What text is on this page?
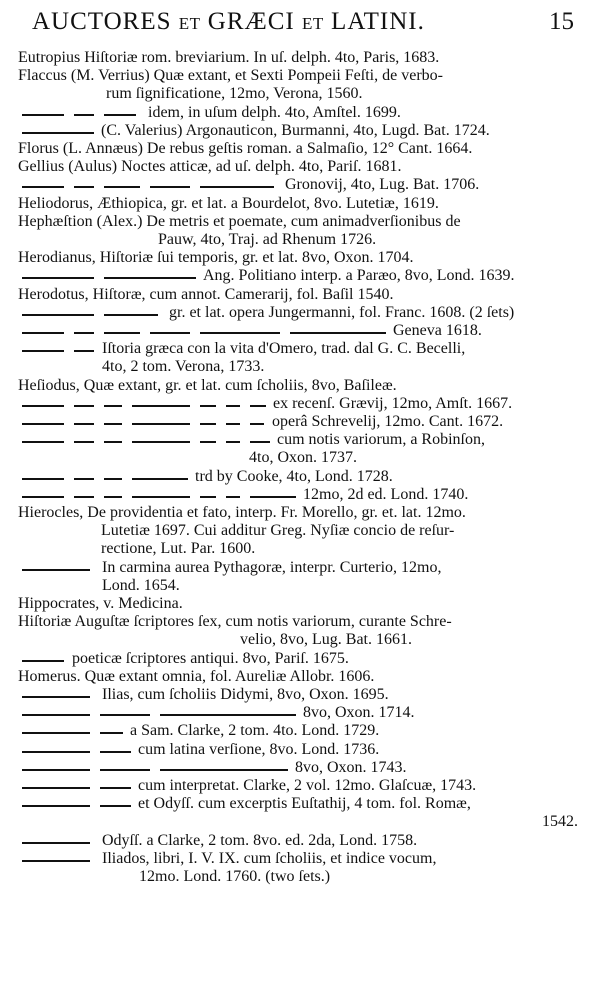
AUCTORES ET GRÆCI ET LATINI.	15
Eutropius Hiſtoriæ rom. breviarium. In uſ. delph. 4to, Paris, 1683.
Flaccus (M. Verrius) Quæ extant, et Sexti Pompeii Feſti, de verbo-
rum ſignificatione, 12mo, Verona, 1560.
idem, in uſum delph. 4to, Amſtel. 1699.
(C. Valerius) Argonauticon, Burmanni, 4to, Lugd. Bat. 1724.
Florus (L. Annæus) De rebus geſtis roman. a Salmaſio, 12° Cant. 1664.
Gellius (Aulus) Noctes atticæ, ad uſ. delph. 4to, Pariſ. 1681.
Gronovij, 4to, Lug. Bat. 1706.
Heliodorus, Æthiopica, gr. et lat. a Bourdelot, 8vo. Lutetiæ, 1619.
Hephæſtion (Alex.) De metris et poemate, cum animadverſionibus de
Pauw, 4to, Traj. ad Rhenum 1726.
Herodianus, Hiſtoriæ ſui temporis, gr. et lat. 8vo, Oxon. 1704.
Ang. Politiano interp. a Paræo, 8vo, Lond. 1639.
Herodotus, Hiſtoræ, cum annot. Camerarij, fol. Baſil 1540.
gr. et lat. opera Jungermanni, fol. Franc. 1608. (2 ſets)
Geneva 1618.
Iſtoria græca con la vita d'Omero, trad. dal G. C. Becelli,
4to, 2 tom. Verona, 1733.
Heſiodus, Quæ extant, gr. et lat. cum ſcholiis, 8vo, Baſileæ.
ex recenſ. Grævij, 12mo, Amſt. 1667.
operâ Schrevelij, 12mo. Cant. 1672.
cum notis variorum, a Robinſon,
4to, Oxon. 1737.
trd by Cooke, 4to, Lond. 1728.
12mo, 2d ed. Lond. 1740.
Hierocles, De providentia et fato, interp. Fr. Morello, gr. et. lat. 12mo.
Lutetiæ 1697. Cui additur Greg. Nyſiæ concio de reſur-
rectione, Lut. Par. 1600.
In carmina aurea Pythagoræ, interpr. Curterio, 12mo,
Lond. 1654.
Hippocrates, v. Medicina.
Hiſtoriæ Auguſtæ ſcriptores ſex, cum notis variorum, curante Schre-
velio, 8vo, Lug. Bat. 1661.
poeticæ ſcriptores antiqui. 8vo, Pariſ. 1675.
Homerus. Quæ extant omnia, fol. Aureliæ Allobr. 1606.
Ilias, cum ſcholiis Didymi, 8vo, Oxon. 1695.
8vo, Oxon. 1714.
a Sam. Clarke, 2 tom. 4to. Lond. 1729.
cum latina verſione, 8vo. Lond. 1736.
8vo, Oxon. 1743.
cum interpretat. Clarke, 2 vol. 12mo. Glaſcuæ, 1743.
et Odyſſ. cum excerptis Euſtathij, 4 tom. fol. Romæ,
1542.
Odyſſ. a Clarke, 2 tom. 8vo. ed. 2da, Lond. 1758.
Iliados, libri, I. V. IX. cum ſcholiis, et indice vocum,
12mo. Lond. 1760. (two ſets.)
